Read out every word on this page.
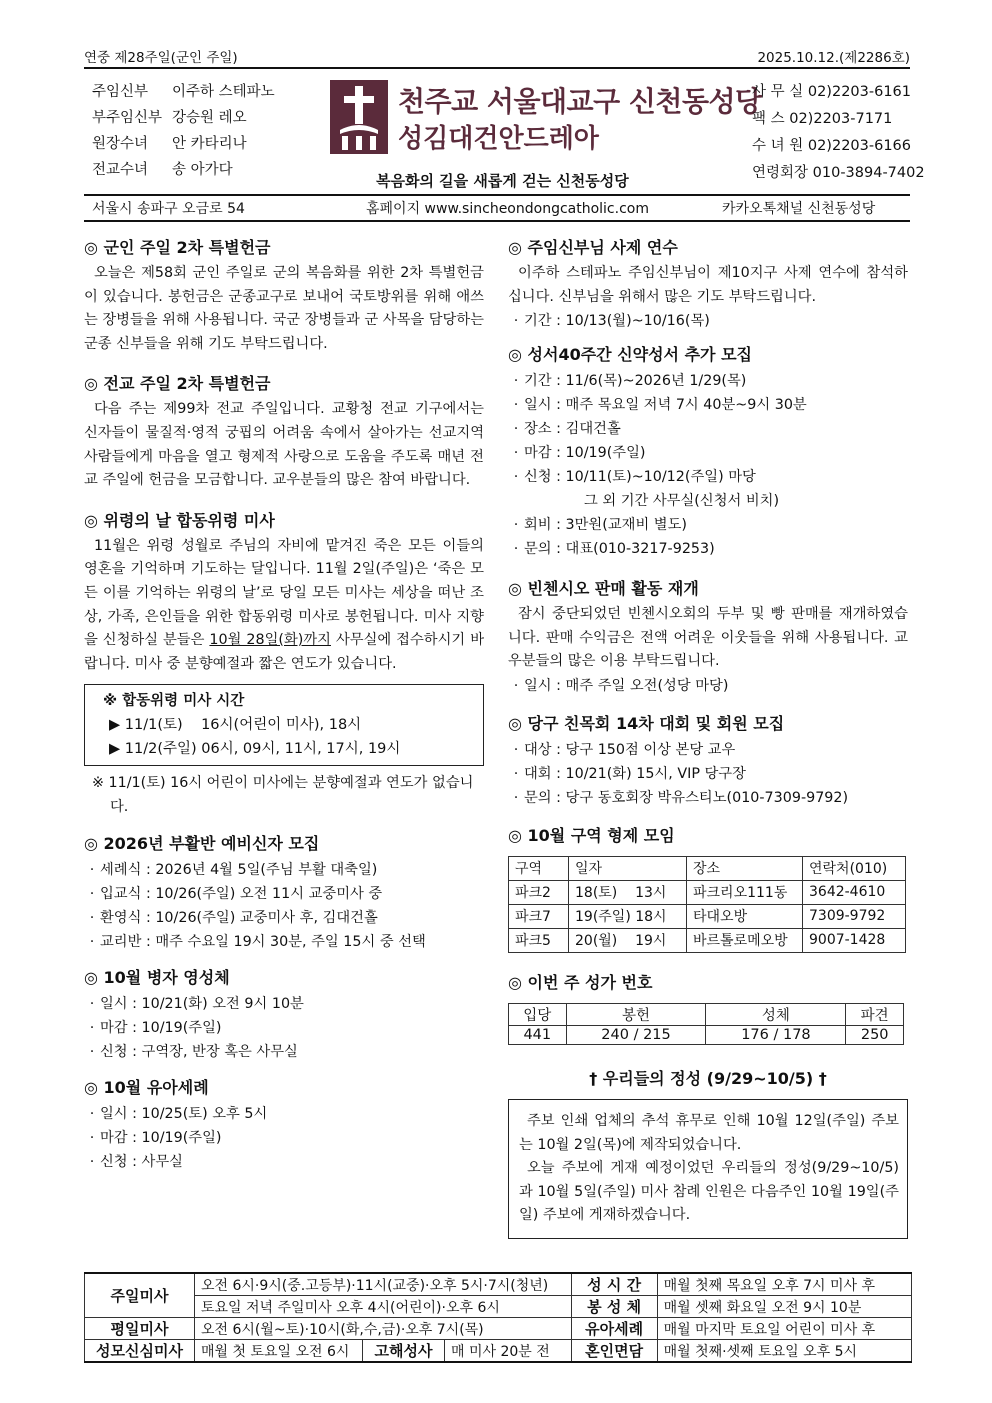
연중 제28주일(군인 주일)	2025.10.12.(제2286호)
주임신부 이주하 스테파노
부주임신부 강승원 레오
원장수녀 안 카타리나
전교수녀 송 아가다
천주교 서울대교구 신천동성당
성김대건안드레아
복음화의 길을 새롭게 걷는 신천동성당
사 무 실 02)2203-6161
팩 스 02)2203-7171
수 녀 원 02)2203-6166
연령회장 010-3894-7402
서울시 송파구 오금로 54	홈페이지 www.sincheondongcatholic.com	카카오톡채널 신천동성당
◎ 군인 주일 2차 특별헌금
오늘은 제58회 군인 주일로 군의 복음화를 위한 2차 특별헌금이 있습니다. 봉헌금은 군종교구로 보내어 국토방위를 위해 애쓰는 장병들을 위해 사용됩니다. 국군 장병들과 군 사목을 담당하는 군종 신부들을 위해 기도 부탁드립니다.
◎ 전교 주일 2차 특별헌금
다음 주는 제99차 전교 주일입니다. 교황청 전교 기구에서는 신자들이 물질적·영적 궁핍의 어려움 속에서 살아가는 선교지역 사람들에게 마음을 열고 형제적 사랑으로 도움을 주도록 매년 전교 주일에 헌금을 모금합니다. 교우분들의 많은 참여 바랍니다.
◎ 위령의 날 합동위령 미사
11월은 위령 성월로 주님의 자비에 맡겨진 죽은 모든 이들의 영혼을 기억하며 기도하는 달입니다. 11월 2일(주일)은 ‘죽은 모든 이를 기억하는 위령의 날’로 당일 모든 미사는 세상을 떠난 조상, 가족, 은인들을 위한 합동위령 미사로 봉헌됩니다. 미사 지향을 신청하실 분들은 10월 28일(화)까지 사무실에 접수하시기 바랍니다. 미사 중 분향예절과 짧은 연도가 있습니다.
※ 합동위령 미사 시간
▶ 11/1(토)    16시(어린이 미사), 18시
▶ 11/2(주일) 06시, 09시, 11시, 17시, 19시
※ 11/1(토) 16시 어린이 미사에는 분향예절과 연도가 없습니다.
◎ 2026년 부활반 예비신자 모집
· 세례식 : 2026년 4월 5일(주님 부활 대축일)
· 입교식 : 10/26(주일) 오전 11시 교중미사 중
· 환영식 : 10/26(주일) 교중미사 후, 김대건홀
· 교리반 : 매주 수요일 19시 30분, 주일 15시 중 선택
◎ 10월 병자 영성체
· 일시 : 10/21(화) 오전 9시 10분
· 마감 : 10/19(주일)
· 신청 : 구역장, 반장 혹은 사무실
◎ 10월 유아세례
· 일시 : 10/25(토) 오후 5시
· 마감 : 10/19(주일)
· 신청 : 사무실
◎ 주임신부님 사제 연수
이주하 스테파노 주임신부님이 제10지구 사제 연수에 참석하십니다. 신부님을 위해서 많은 기도 부탁드립니다.
· 기간 : 10/13(월)~10/16(목)
◎ 성서40주간 신약성서 추가 모집
· 기간 : 11/6(목)~2026년 1/29(목)
· 일시 : 매주 목요일 저녁 7시 40분~9시 30분
· 장소 : 김대건홀
· 마감 : 10/19(주일)
· 신청 : 10/11(토)~10/12(주일) 마당
그 외 기간 사무실(신청서 비치)
· 회비 : 3만원(교재비 별도)
· 문의 : 대표(010-3217-9253)
◎ 빈첸시오 판매 활동 재개
잠시 중단되었던 빈첸시오회의 두부 및 빵 판매를 재개하였습니다. 판매 수익금은 전액 어려운 이웃들을 위해 사용됩니다. 교우분들의 많은 이용 부탁드립니다.
· 일시 : 매주 주일 오전(성당 마당)
◎ 당구 친목회 14차 대회 및 회원 모집
· 대상 : 당구 150점 이상 본당 교우
· 대회 : 10/21(화) 15시, VIP 당구장
· 문의 : 당구 동호회장 박유스티노(010-7309-9792)
◎ 10월 구역 형제 모임
구역	일자	장소	연락처(010)
파크2	18(토)    13시	파크리오111동	3642-4610
파크7	19(주일) 18시	타대오방	7309-9792
파크5	20(월)    19시	바르톨로메오방	9007-1428
◎ 이번 주 성가 번호
입당	봉헌	성체	파견
441	240 / 215	176 / 178	250
† 우리들의 정성 (9/29~10/5) †
주보 인쇄 업체의 추석 휴무로 인해 10월 12일(주일) 주보는 10월 2일(목)에 제작되었습니다.
오늘 주보에 게재 예정이었던 우리들의 정성(9/29~10/5)과 10월 5일(주일) 미사 참례 인원은 다음주인 10월 19일(주일) 주보에 게재하겠습니다.
주일미사	오전 6시·9시(중.고등부)·11시(교중)·오후 5시·7시(청년)			성 시 간	매월 첫째 목요일 오후 7시 미사 후
	토요일 저녁 주일미사 오후 4시(어린이)·오후 6시			봉 성 체	매월 셋째 화요일 오전 9시 10분
평일미사	오전 6시(월~토)·10시(화,수,금)·오후 7시(목)			유아세례	매월 마지막 토요일 어린이 미사 후
성모신심미사	매월 첫 토요일 오전 6시	고해성사	매 미사 20분 전	혼인면담	매월 첫째·셋째 토요일 오후 5시
